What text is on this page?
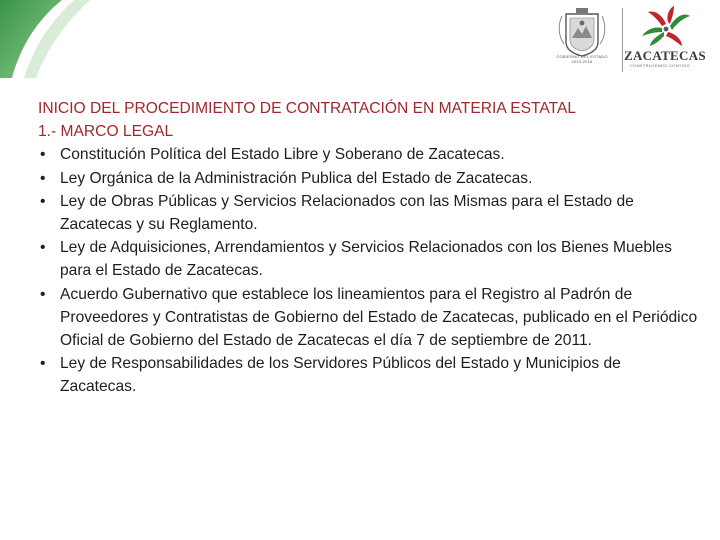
GOBIERNO DEL ESTADO
2010-2016	ZACATECAS
CONSTRUYENDO CONTIGO

INICIO DEL PROCEDIMIENTO DE CONTRATACIÓN EN MATERIA ESTATAL

1.- MARCO LEGAL

• Constitución Política del Estado Libre y Soberano de Zacatecas.
• Ley Orgánica de la Administración Publica del Estado de Zacatecas.
• Ley de Obras Públicas y Servicios Relacionados con las Mismas para el Estado de Zacatecas y su Reglamento.
• Ley de Adquisiciones, Arrendamientos y Servicios Relacionados con los Bienes Muebles para el Estado de Zacatecas.
• Acuerdo Gubernativo que establece los lineamientos para el Registro al Padrón de Proveedores y Contratistas de Gobierno del Estado de Zacatecas, publicado en el Periódico Oficial de Gobierno del Estado de Zacatecas el día 7 de septiembre de 2011.
• Ley de Responsabilidades de los Servidores Públicos del Estado y Municipios de Zacatecas.
